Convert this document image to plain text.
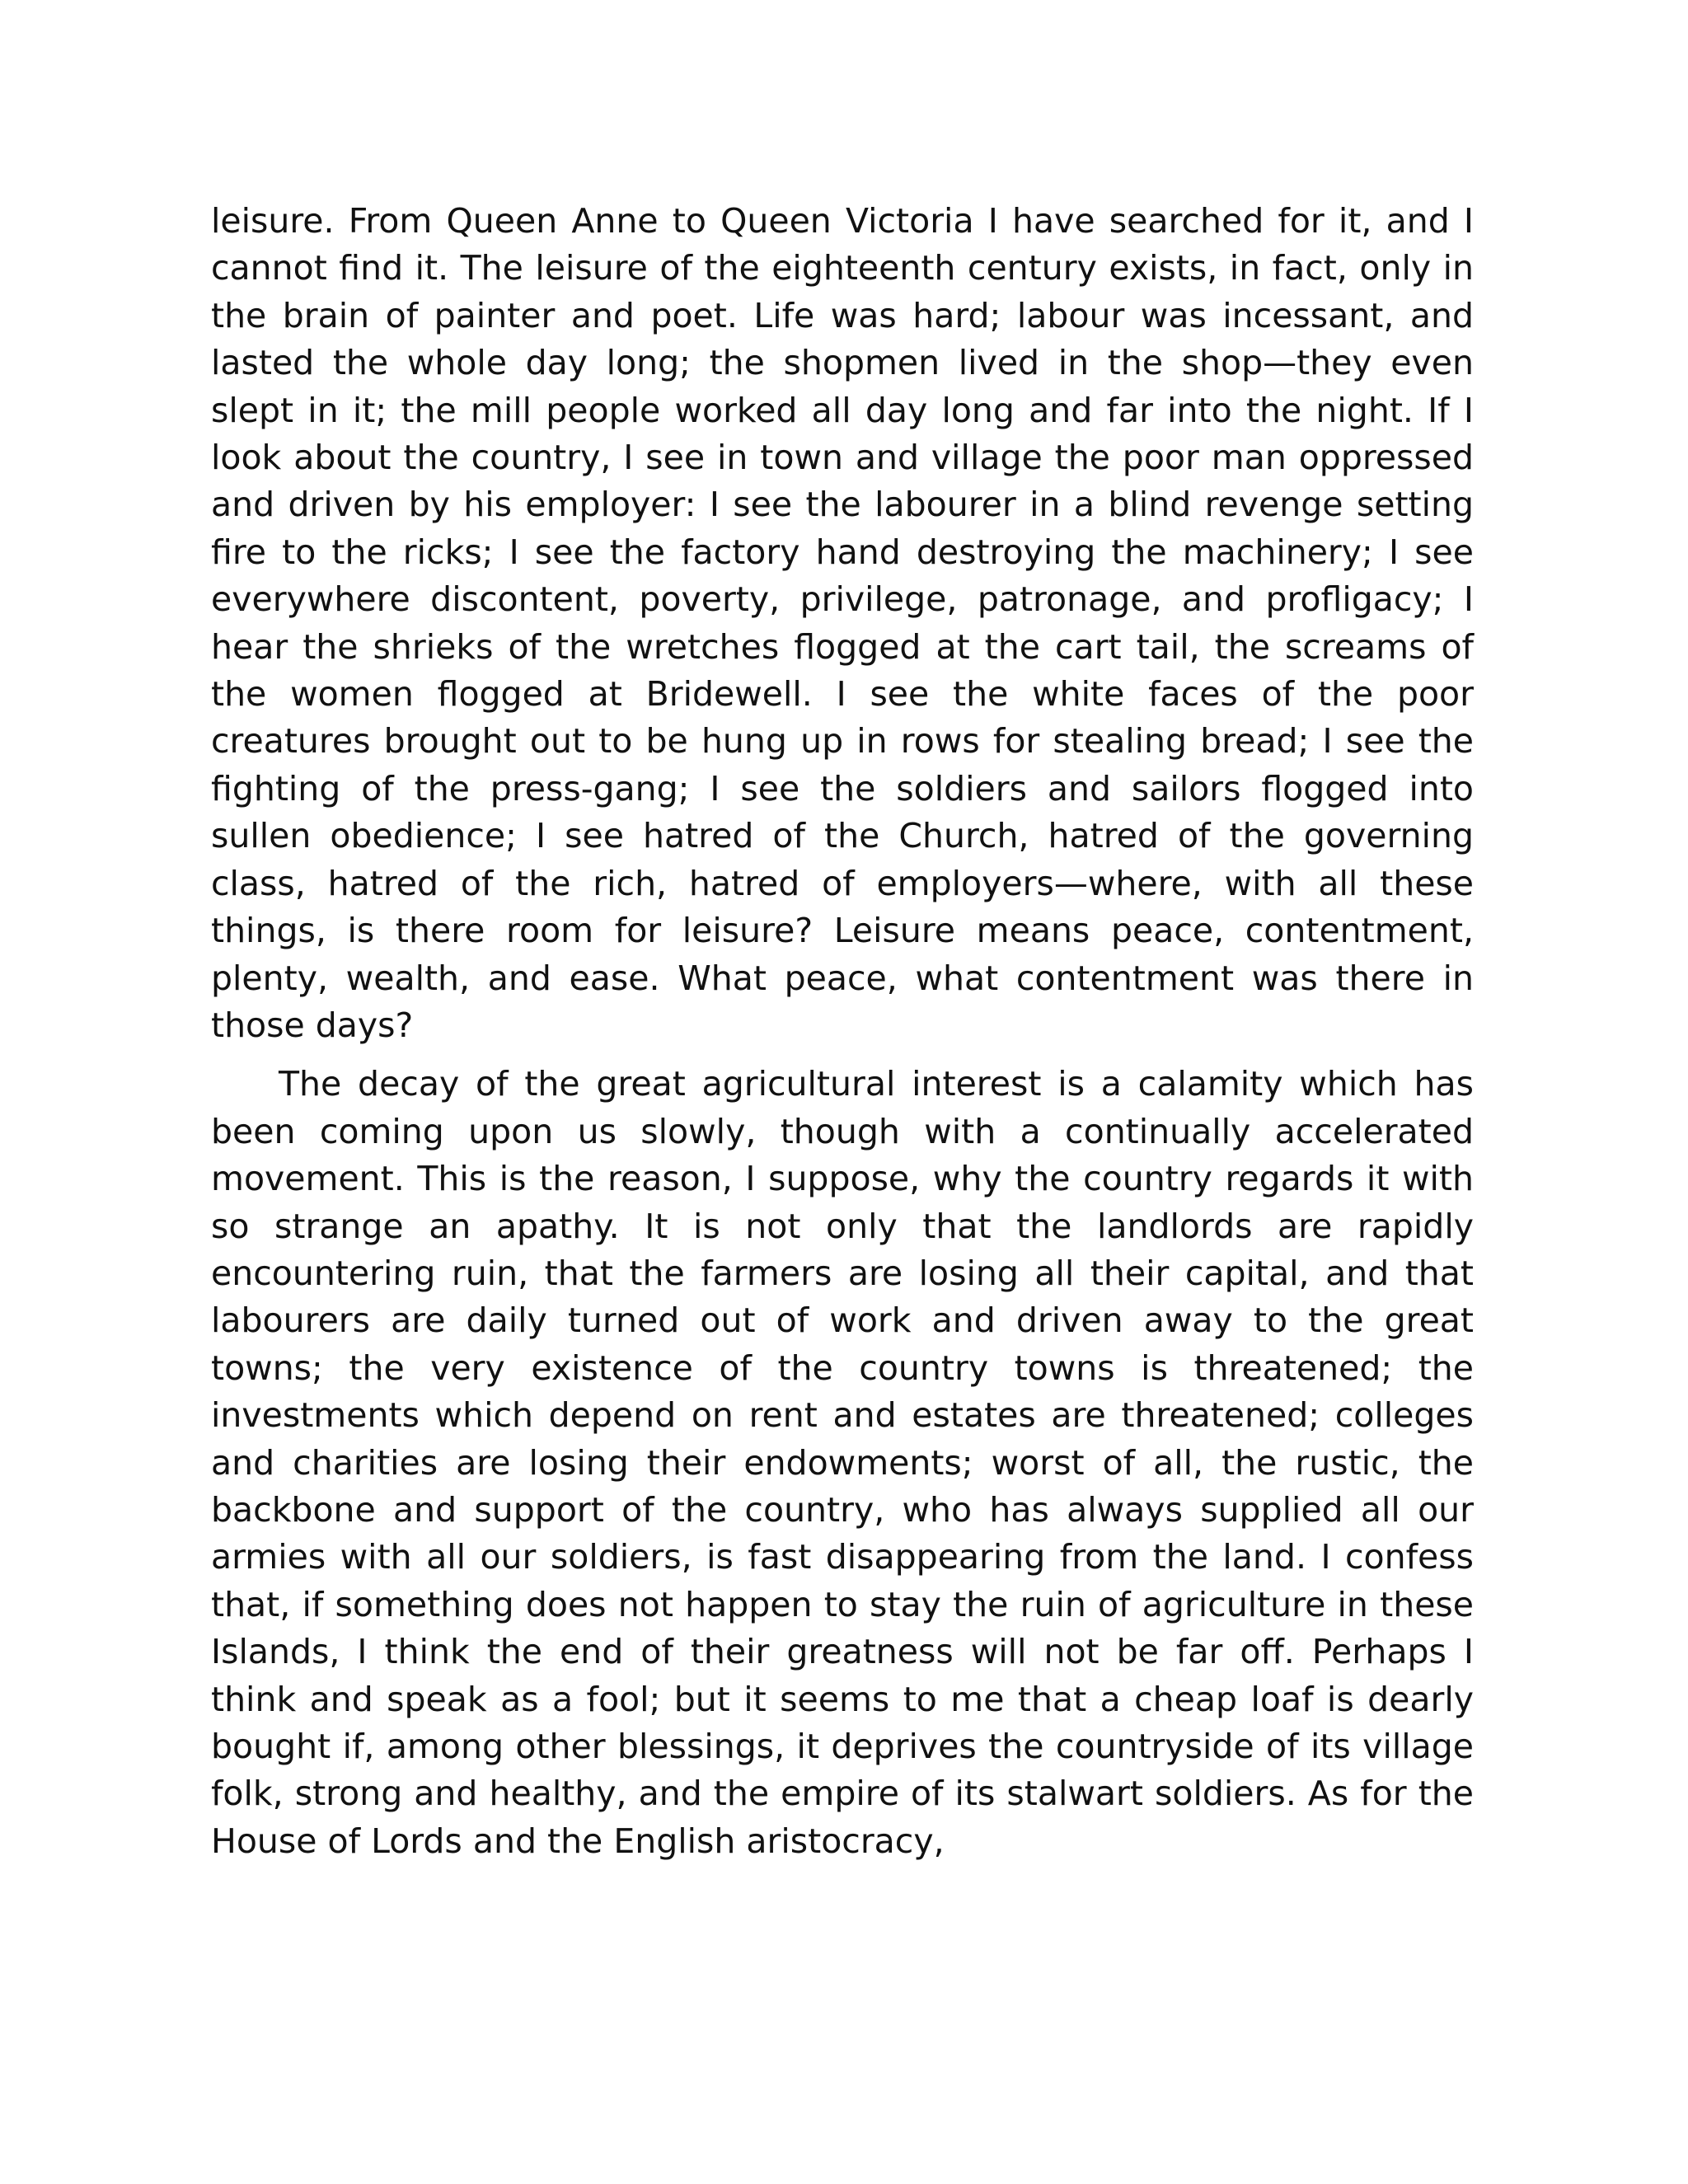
leisure. From Queen Anne to Queen Victoria I have searched for it, and I cannot find it. The leisure of the eighteenth century exists, in fact, only in the brain of painter and poet. Life was hard; labour was incessant, and lasted the whole day long; the shopmen lived in the shop—they even slept in it; the mill people worked all day long and far into the night. If I look about the country, I see in town and village the poor man oppressed and driven by his employer: I see the labourer in a blind revenge setting fire to the ricks; I see the factory hand destroying the machinery; I see everywhere discontent, poverty, privilege, patronage, and profligacy; I hear the shrieks of the wretches flogged at the cart tail, the screams of the women flogged at Bridewell. I see the white faces of the poor creatures brought out to be hung up in rows for stealing bread; I see the fighting of the press-gang; I see the soldiers and sailors flogged into sullen obedience; I see hatred of the Church, hatred of the governing class, hatred of the rich, hatred of employers—where, with all these things, is there room for leisure? Leisure means peace, contentment, plenty, wealth, and ease. What peace, what contentment was there in those days?

The decay of the great agricultural interest is a calamity which has been coming upon us slowly, though with a continually accelerated movement. This is the reason, I suppose, why the country regards it with so strange an apathy. It is not only that the landlords are rapidly encountering ruin, that the farmers are losing all their capital, and that labourers are daily turned out of work and driven away to the great towns; the very existence of the country towns is threatened; the investments which depend on rent and estates are threatened; colleges and charities are losing their endowments; worst of all, the rustic, the backbone and support of the country, who has always supplied all our armies with all our soldiers, is fast disappearing from the land. I confess that, if something does not happen to stay the ruin of agriculture in these Islands, I think the end of their greatness will not be far off. Perhaps I think and speak as a fool; but it seems to me that a cheap loaf is dearly bought if, among other blessings, it deprives the countryside of its village folk, strong and healthy, and the empire of its stalwart soldiers. As for the House of Lords and the English aristocracy,
